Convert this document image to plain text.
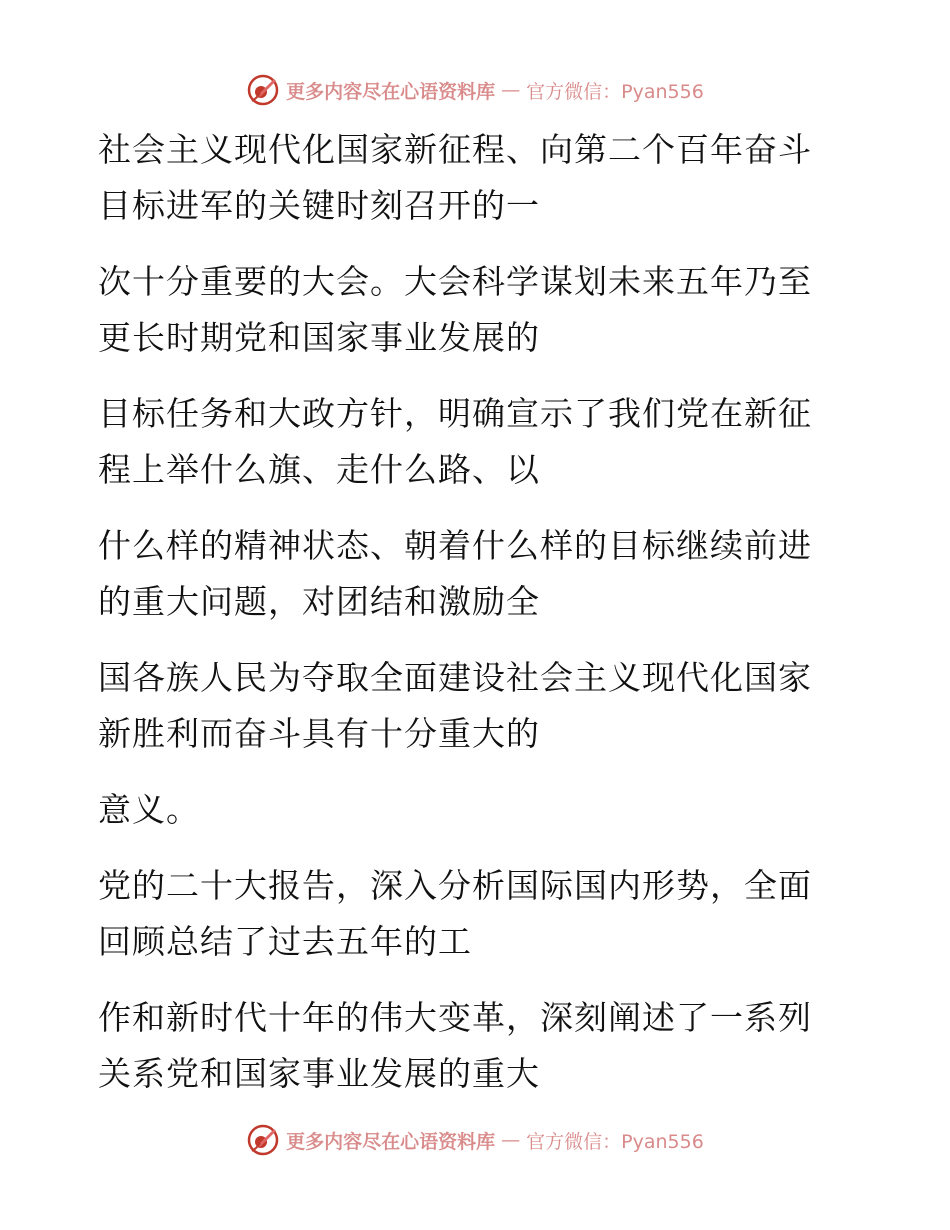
更多内容尽在心语资料库 — 官方微信：Pyan556
社会主义现代化国家新征程、向第二个百年奋斗
目标进军的关键时刻召开的一
次十分重要的大会。大会科学谋划未来五年乃至
更长时期党和国家事业发展的
目标任务和大政方针，明确宣示了我们党在新征
程上举什么旗、走什么路、以
什么样的精神状态、朝着什么样的目标继续前进
的重大问题，对团结和激励全
国各族人民为夺取全面建设社会主义现代化国家
新胜利而奋斗具有十分重大的
意义。
党的二十大报告，深入分析国际国内形势，全面
回顾总结了过去五年的工
作和新时代十年的伟大变革，深刻阐述了一系列
关系党和国家事业发展的重大
更多内容尽在心语资料库 — 官方微信：Pyan556
